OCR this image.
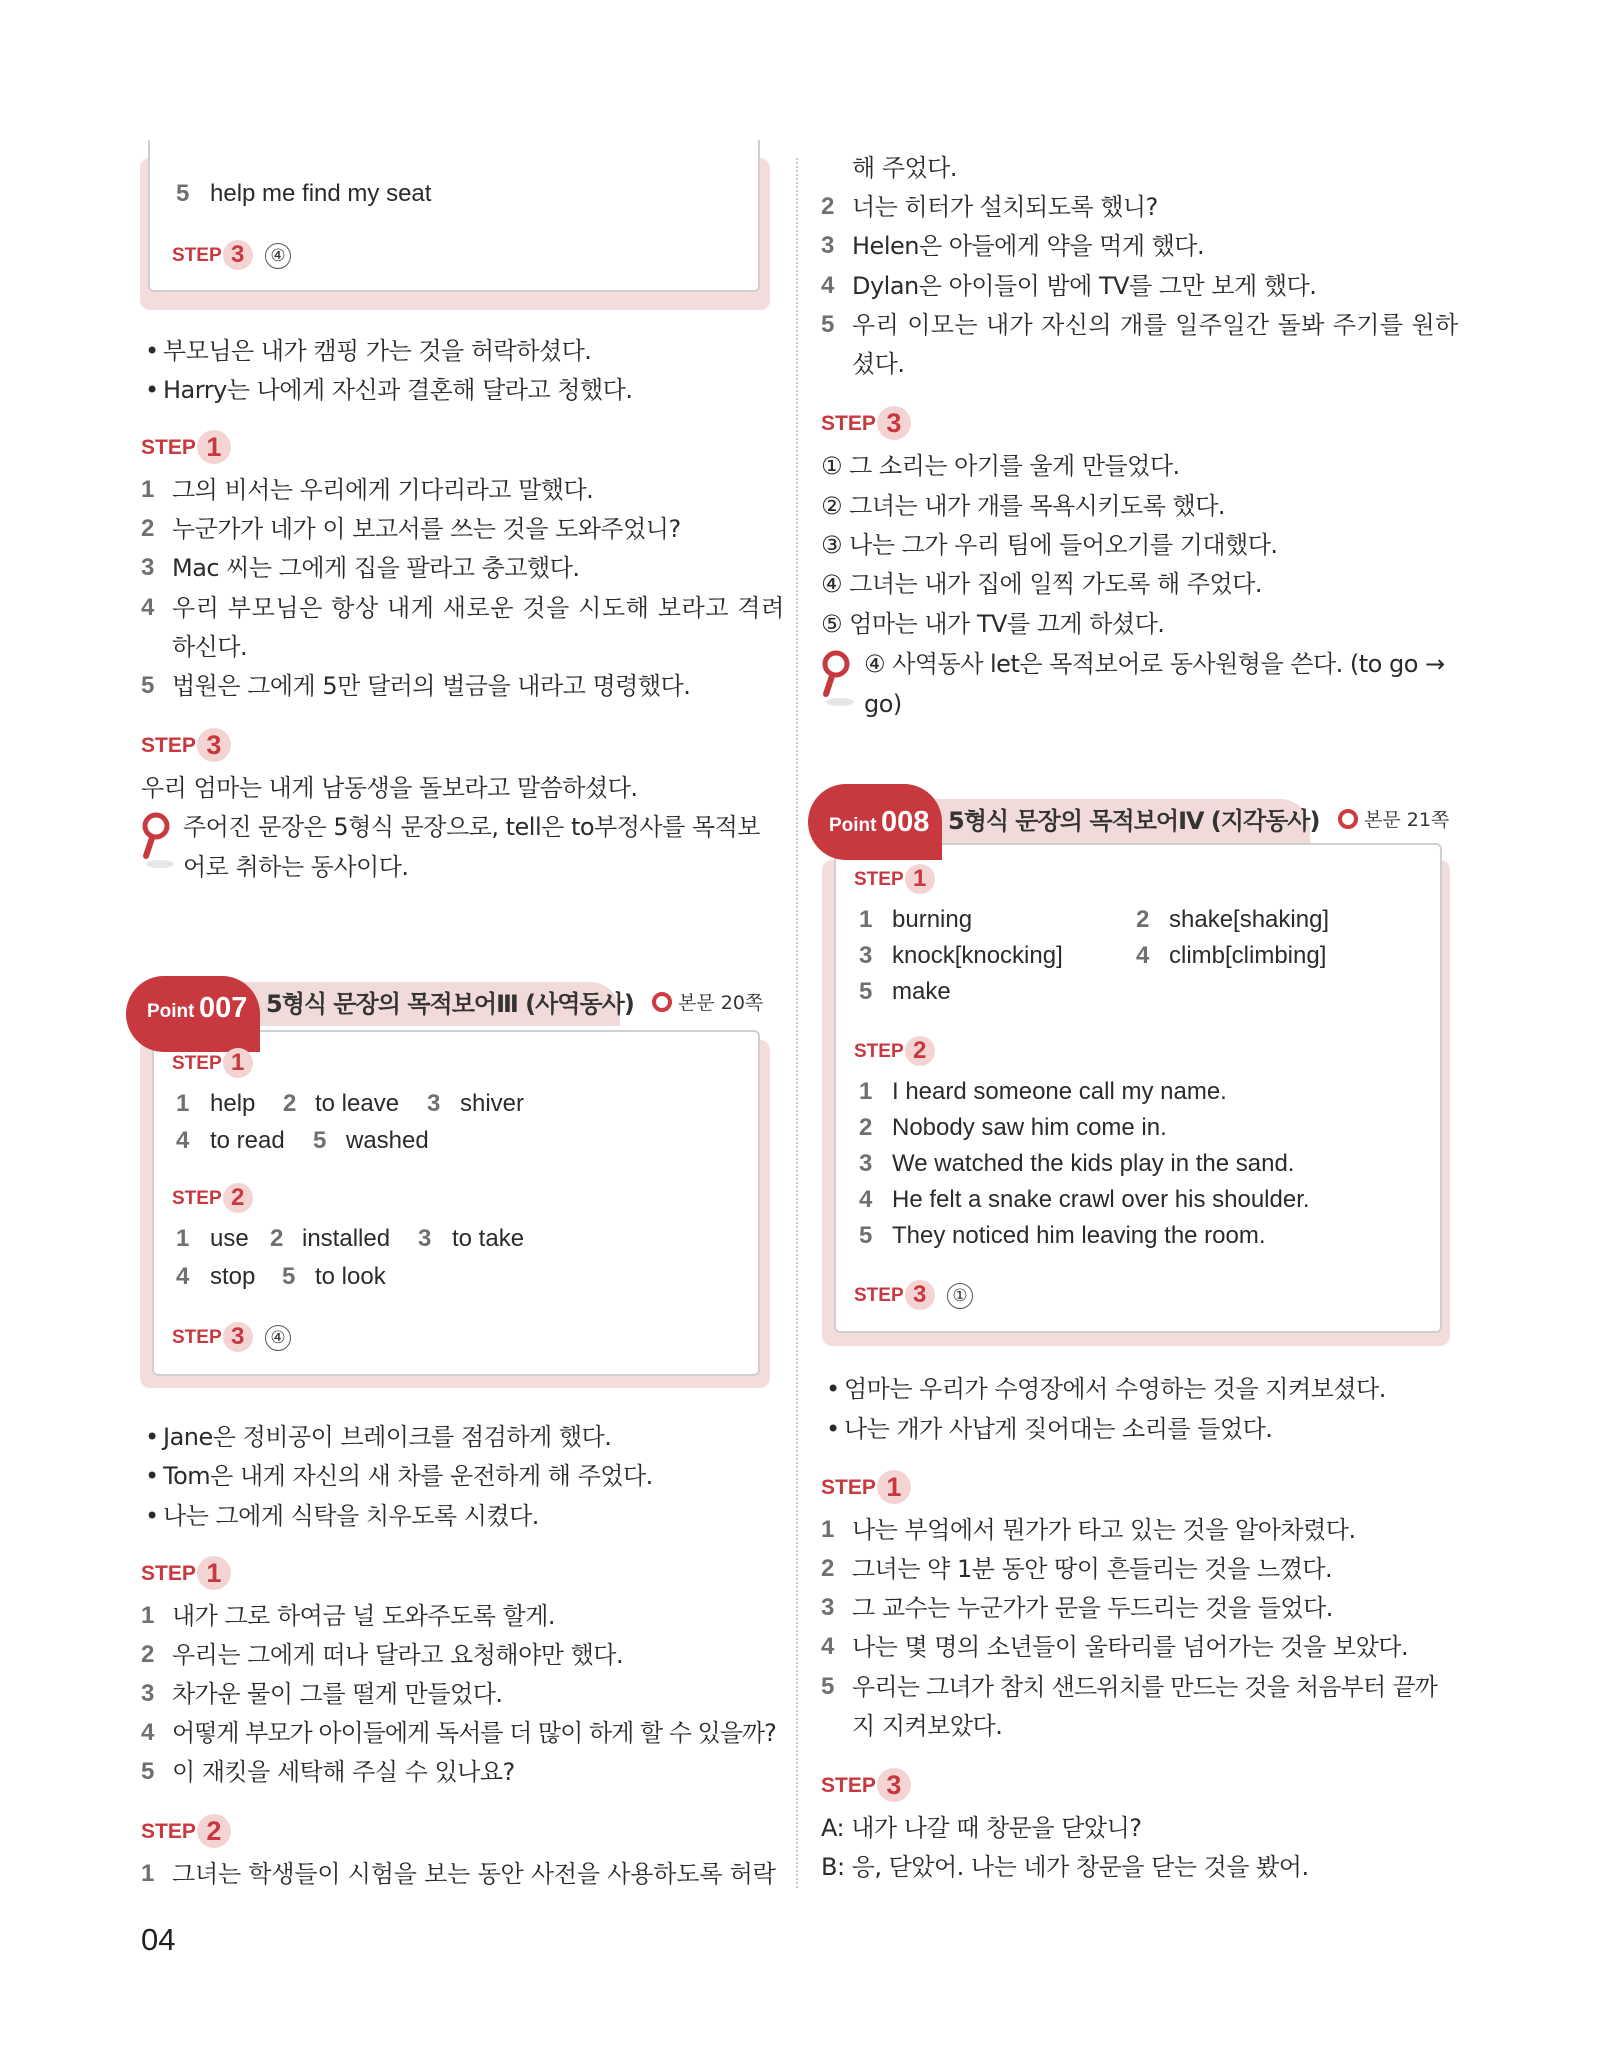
5 help me find my seat
STEP 3	④
• 부모님은 내가 캠핑 가는 것을 허락하셨다.
• Harry는 나에게 자신과 결혼해 달라고 청했다.
STEP 1
1 그의 비서는 우리에게 기다리라고 말했다.
2 누군가가 네가 이 보고서를 쓰는 것을 도와주었니?
3 Mac 씨는 그에게 집을 팔라고 충고했다.
4 우리 부모님은 항상 내게 새로운 것을 시도해 보라고 격려
하신다.
5 법원은 그에게 5만 달러의 벌금을 내라고 명령했다.
STEP 3
우리 엄마는 내게 남동생을 돌보라고 말씀하셨다.
주어진 문장은 5형식 문장으로, tell은 to부정사를 목적보
어로 취하는 동사이다.
Point 007 5형식 문장의 목적보어Ⅲ (사역동사)	본문 20쪽
STEP 1
1 help 2 to leave 3 shiver
4 to read 5 washed
STEP 2
1 use 2 installed 3 to take
4 stop 5 to look
STEP 3	④
• Jane은 정비공이 브레이크를 점검하게 했다.
• Tom은 내게 자신의 새 차를 운전하게 해 주었다.
• 나는 그에게 식탁을 치우도록 시켰다.
STEP 1
1 내가 그로 하여금 널 도와주도록 할게.
2 우리는 그에게 떠나 달라고 요청해야만 했다.
3 차가운 물이 그를 떨게 만들었다.
4 어떻게 부모가 아이들에게 독서를 더 많이 하게 할 수 있을까?
5 이 재킷을 세탁해 주실 수 있나요?
STEP 2
1 그녀는 학생들이 시험을 보는 동안 사전을 사용하도록 허락
해 주었다.
2 너는 히터가 설치되도록 했니?
3 Helen은 아들에게 약을 먹게 했다.
4 Dylan은 아이들이 밤에 TV를 그만 보게 했다.
5 우리 이모는 내가 자신의 개를 일주일간 돌봐 주기를 원하
셨다.
STEP 3
① 그 소리는 아기를 울게 만들었다.
② 그녀는 내가 개를 목욕시키도록 했다.
③ 나는 그가 우리 팀에 들어오기를 기대했다.
④ 그녀는 내가 집에 일찍 가도록 해 주었다.
⑤ 엄마는 내가 TV를 끄게 하셨다.
④ 사역동사 let은 목적보어로 동사원형을 쓴다. (to go →
go)
Point 008 5형식 문장의 목적보어Ⅳ (지각동사)	본문 21쪽
STEP 1
1 burning	2 shake[shaking]
3 knock[knocking]	4 climb[climbing]
5 make
STEP 2
1 I heard someone call my name.
2 Nobody saw him come in.
3 We watched the kids play in the sand.
4 He felt a snake crawl over his shoulder.
5 They noticed him leaving the room.
STEP 3	①
• 엄마는 우리가 수영장에서 수영하는 것을 지켜보셨다.
• 나는 개가 사납게 짖어대는 소리를 들었다.
STEP 1
1 나는 부엌에서 뭔가가 타고 있는 것을 알아차렸다.
2 그녀는 약 1분 동안 땅이 흔들리는 것을 느꼈다.
3 그 교수는 누군가가 문을 두드리는 것을 들었다.
4 나는 몇 명의 소년들이 울타리를 넘어가는 것을 보았다.
5 우리는 그녀가 참치 샌드위치를 만드는 것을 처음부터 끝까
지 지켜보았다.
STEP 3
A: 내가 나갈 때 창문을 닫았니?
B: 응, 닫았어. 나는 네가 창문을 닫는 것을 봤어.
04
